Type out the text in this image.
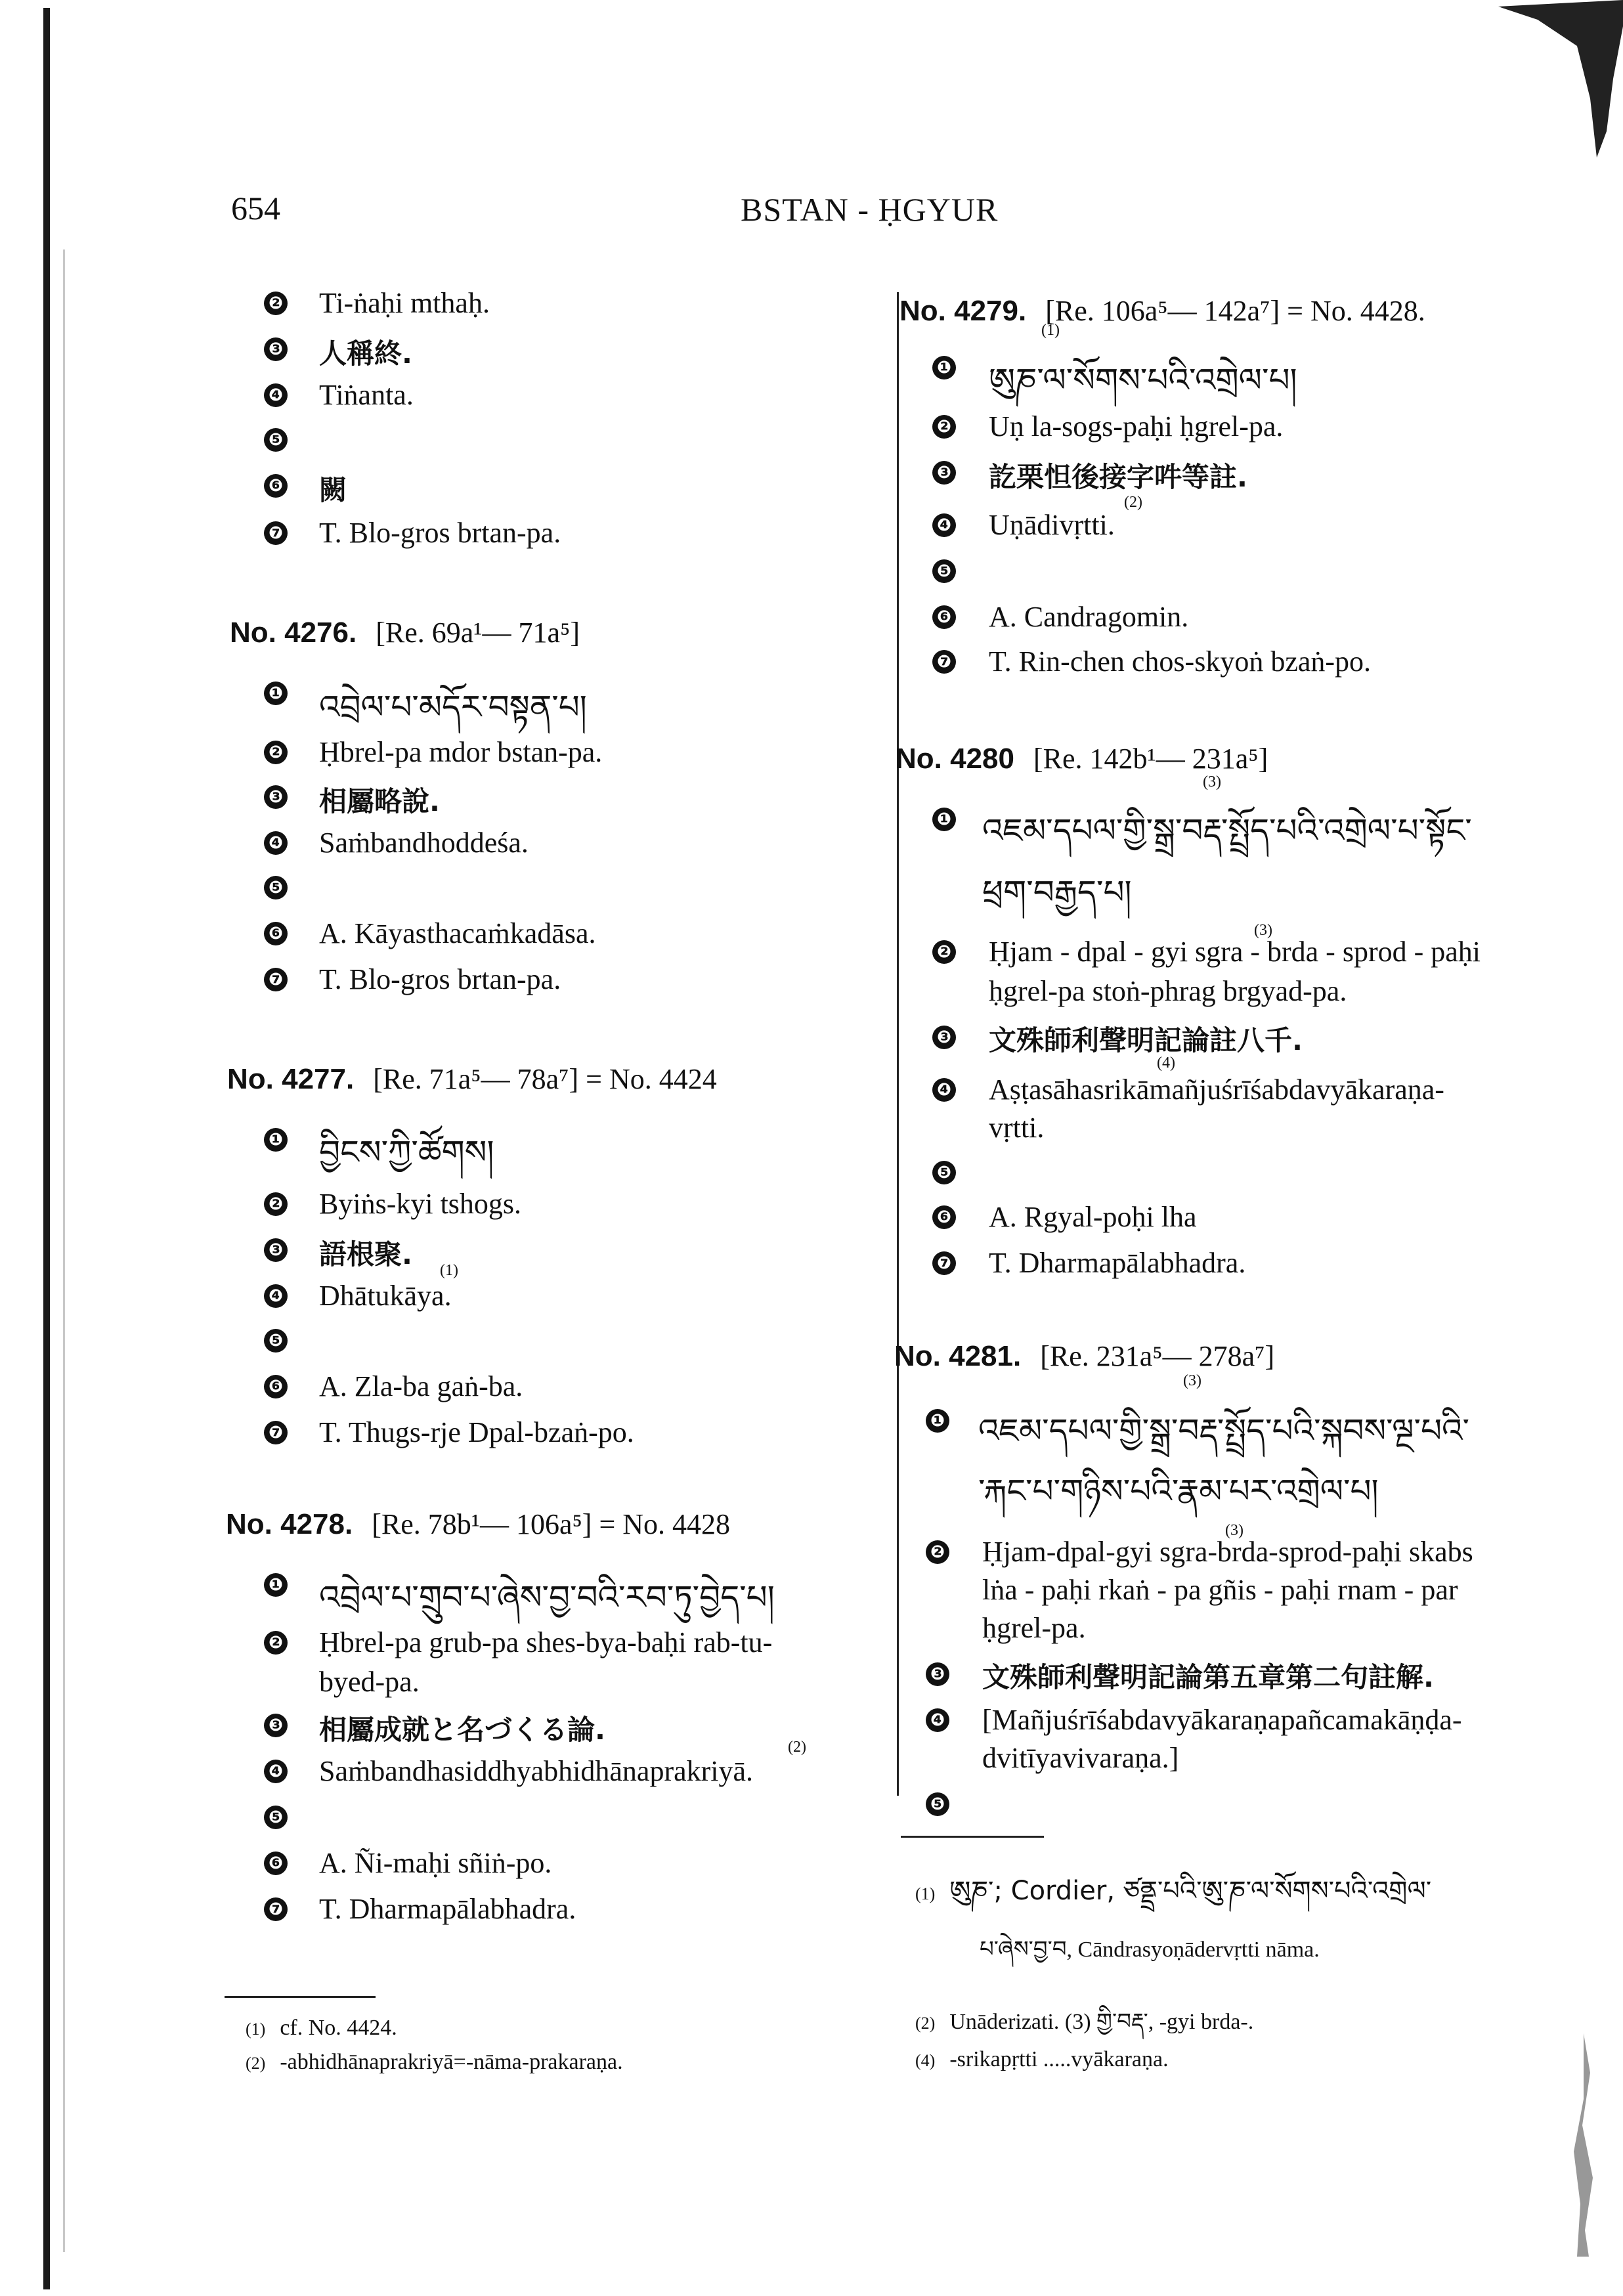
654	BSTAN - ḤGYUR
❷ Ti-ṅaḥi mthaḥ.
❸ 人稱終.
❹ Tiṅanta.
❺
❻ 闕
❼ T. Blo-gros brtan-pa.
No. 4276. [Re. 69a¹— 71a⁵]
❶ འབྲེལ་པ་མདོར་བསྟན་པ།
❷ Ḥbrel-pa mdor bstan-pa.
❸ 相屬略說.
❹ Saṁbandhoddeśa.
❺
❻ A. Kāyasthacaṁkadāsa.
❼ T. Blo-gros brtan-pa.
No. 4277. [Re. 71a⁵— 78a⁷] = No. 4424
❶ བྱིངས་ཀྱི་ཚོགས།
❷ Byiṅs-kyi tshogs.
❸ 語根聚. (1)
❹ Dhātukāya.
❺
❻ A. Zla-ba gaṅ-ba.
❼ T. Thugs-rje Dpal-bzaṅ-po.
No. 4278. [Re. 78b¹— 106a⁵] = No. 4428
❶ འབྲེལ་པ་གྲུབ་པ་ཞེས་བྱ་བའི་རབ་ཏུ་བྱེད་པ།
❷ Ḥbrel-pa grub-pa shes-bya-baḥi rab-tu-
byed-pa.
❸ 相屬成就と名づくる論.
(2)
❹ Saṁbandhasiddhyabhidhānaprakriyā.
❺
❻ A. Ñi-maḥi sñiṅ-po.
❼ T. Dharmapālabhadra.
(1) cf. No. 4424.
(2) -abhidhānaprakriyā=-nāma-prakaraṇa.
No. 4279. [Re. 106a⁵— 142a⁷] = No. 4428.
(1)
❶ ཨུཎ་ལ་སོགས་པའི་འགྲེལ་པ།
❷ Uṇ la-sogs-paḥi ḥgrel-pa.
❸ 訖栗怛後接字吽等註.
(2)
❹ Uṇādivṛtti.
❺
❻ A. Candragomin.
❼ T. Rin-chen chos-skyoṅ bzaṅ-po.
No. 4280 [Re. 142b¹— 231a⁵]
(3)
❶ འཇམ་དཔལ་གྱི་སྒྲ་བརྡ་སྤྲོད་པའི་འགྲེལ་པ་སྟོང་
ཕྲག་བརྒྱད་པ།
(3)
❷ Ḥjam - dpal - gyi sgra - brda - sprod - paḥi
ḥgrel-pa stoṅ-phrag brgyad-pa.
❸ 文殊師利聲明記論註八千.
(4)
❹ Aṣṭasāhasrikāmañjuśrīśabdavyākaraṇa-
vṛtti.
❺
❻ A. Rgyal-poḥi lha
❼ T. Dharmapālabhadra.
No. 4281. [Re. 231a⁵— 278a⁷]
(3)
❶ འཇམ་དཔལ་གྱི་སྒྲ་བརྡ་སྤྲོད་པའི་སྐབས་ལྔ་པའི་
་རྐང་པ་གཉིས་པའི་རྣམ་པར་འགྲེལ་པ།
(3)
❷ Ḥjam-dpal-gyi sgra-brda-sprod-paḥi skabs
lṅa - paḥi rkaṅ - pa gñis - paḥi rnam - par
ḥgrel-pa.
❸ 文殊師利聲明記論第五章第二句註解.
❹ [Mañjuśrīśabdavyākaraṇapañcamakāṇḍa-
dvitīyavivaraṇa.]
❺
(1) ཨུཎ་; Cordier, ཙནྡྲ་པའི་ཨུ་ཎ་ལ་སོགས་པའི་འགྲེལ་
པ་ཞེས་བྱ་བ, Cāndrasyoṇādervṛtti nāma.
(2) Unāderizati. (3) གྱི་བརྡ་, -gyi brda-.
(4) -srikapṛtti .....vyākaraṇa.
